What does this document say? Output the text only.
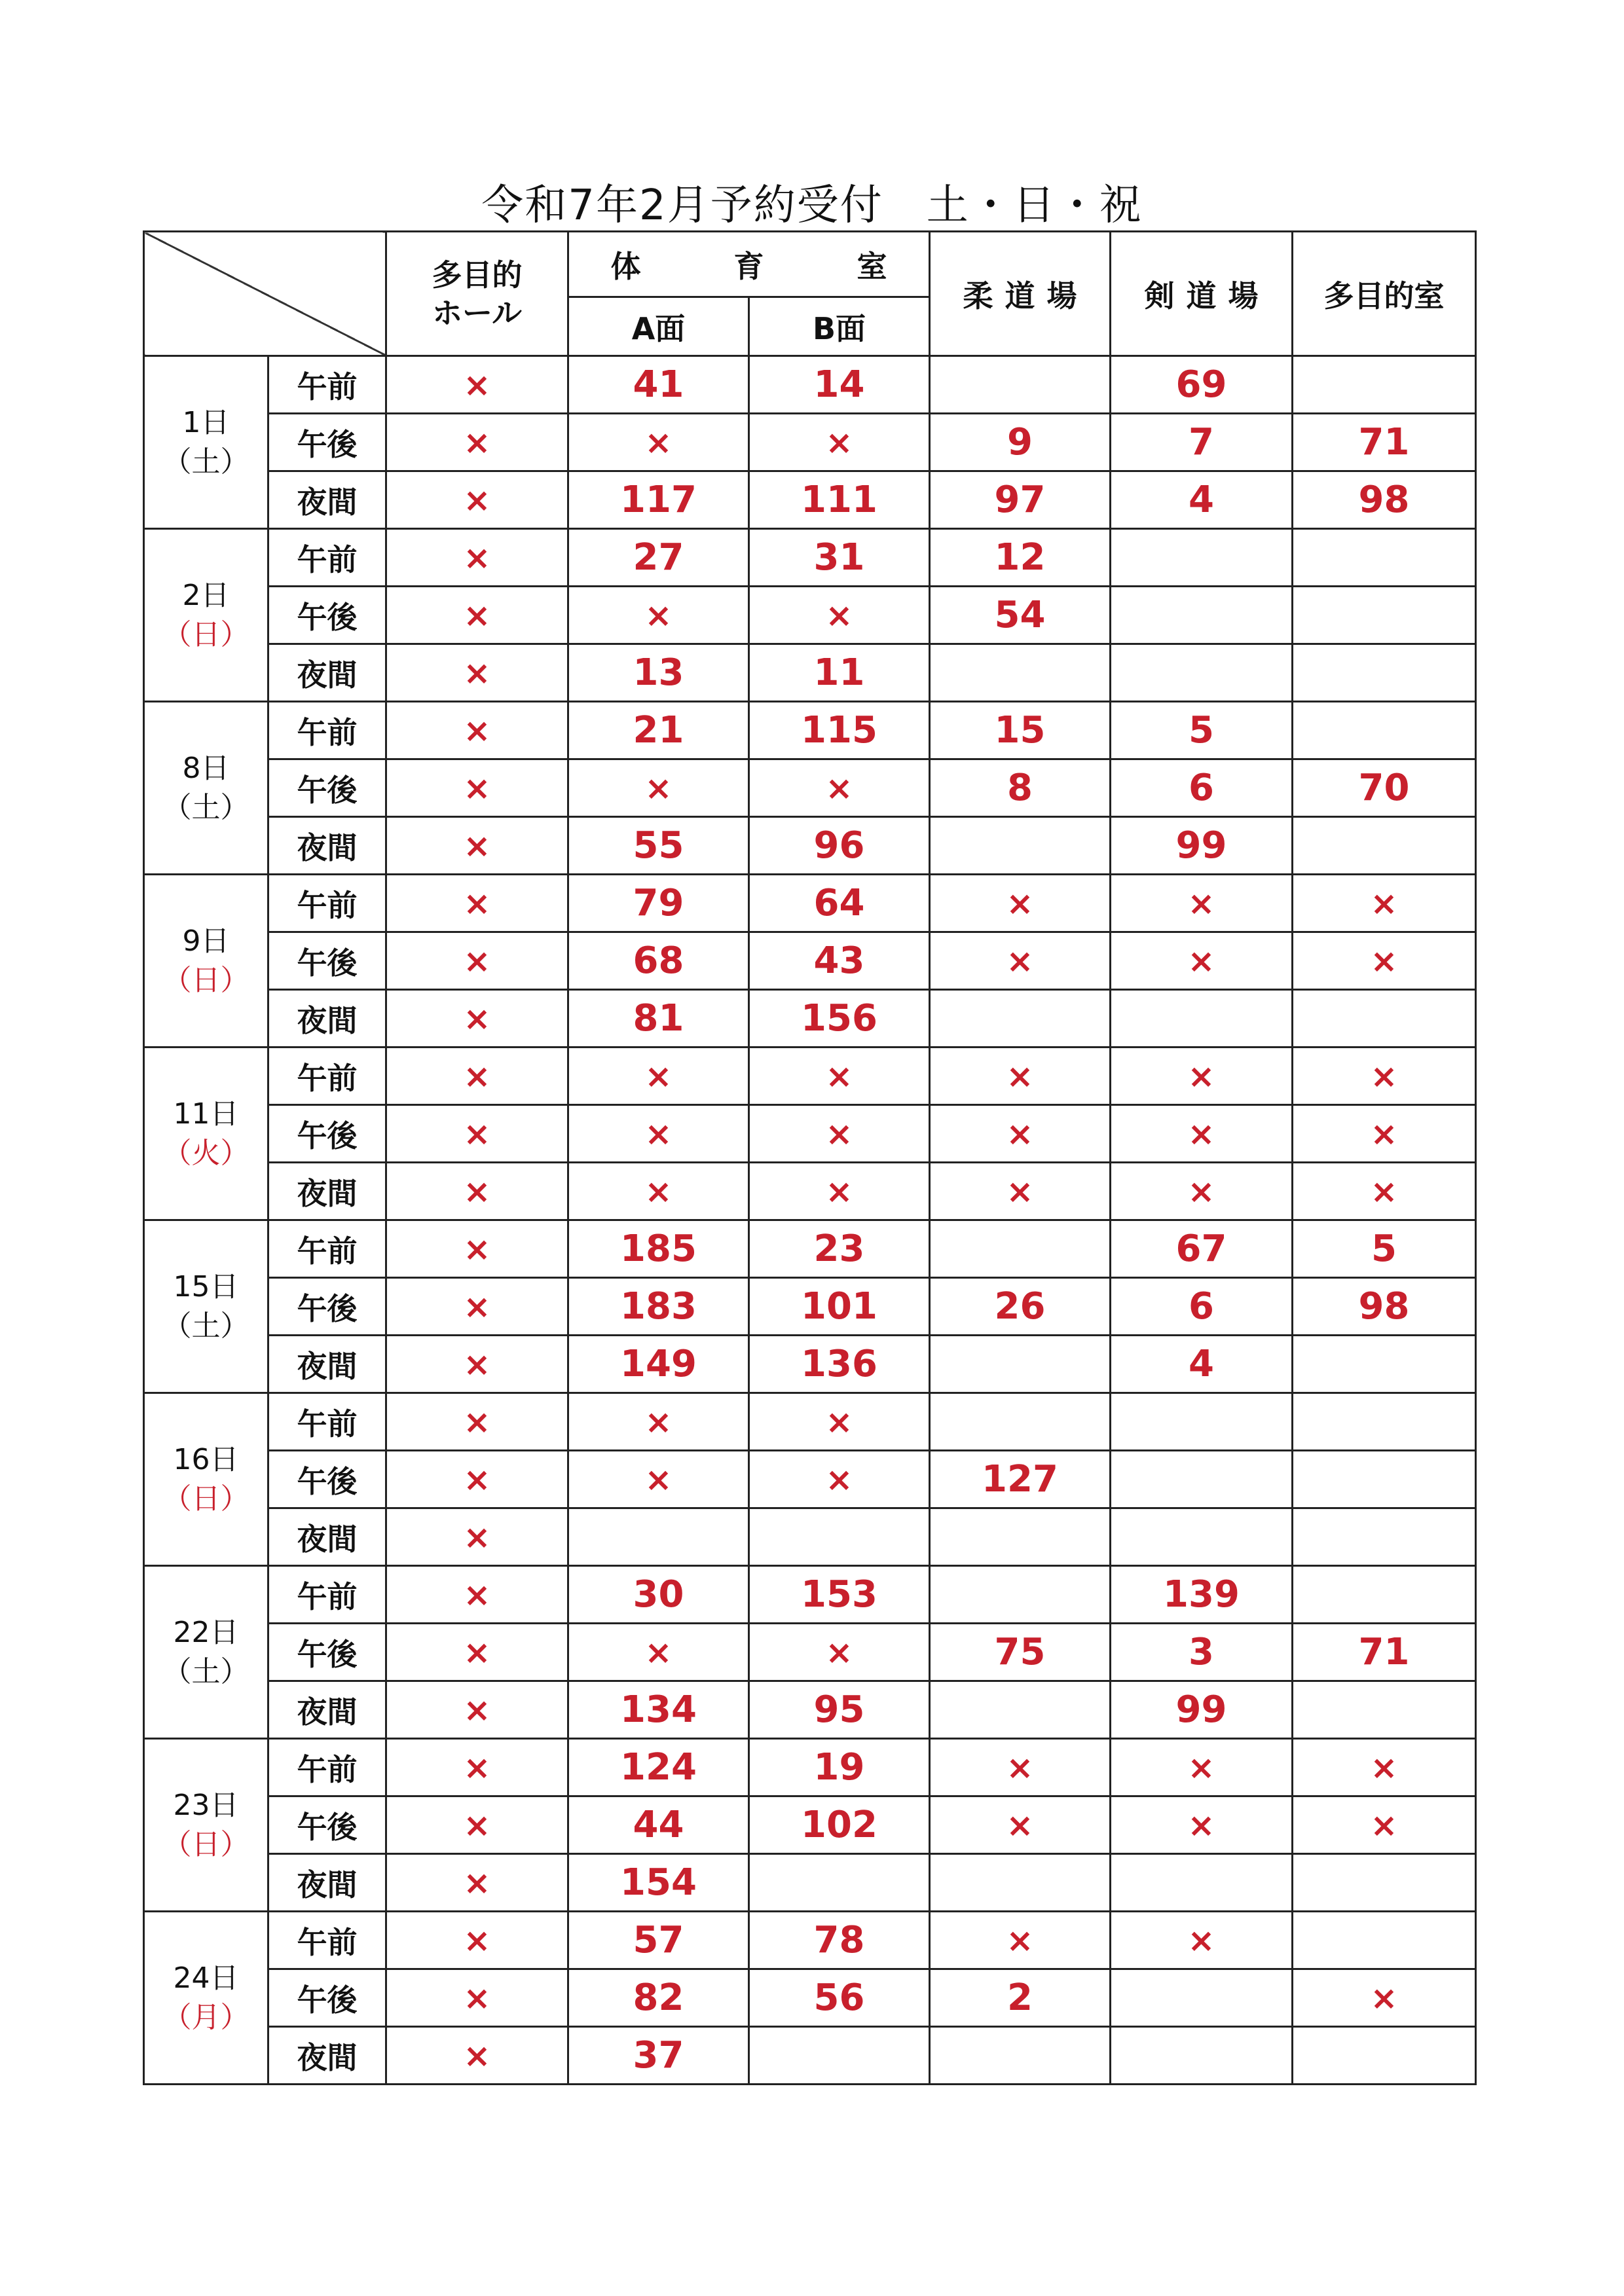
令和7年2月予約受付　土・日・祝
		多目的
ホール	体　育　室		柔道場	剣道場	多目的室
			A面	B面			

1日
（土）	午前	×	41	14		69	
	午後	×	×	×	9	7	71
	夜間	×	117	111	97	4	98

2日
（日）	午前	×	27	31	12		
	午後	×	×	×	54		
	夜間	×	13	11			

8日
（土）	午前	×	21	115	15	5	
	午後	×	×	×	8	6	70
	夜間	×	55	96		99	

9日
（日）	午前	×	79	64	×	×	×
	午後	×	68	43	×	×	×
	夜間	×	81	156			

11日
（火）	午前	×	×	×	×	×	×
	午後	×	×	×	×	×	×
	夜間	×	×	×	×	×	×

15日
（土）	午前	×	185	23		67	5
	午後	×	183	101	26	6	98
	夜間	×	149	136		4	

16日
（日）	午前	×	×	×			
	午後	×	×	×	127		
	夜間	×					

22日
（土）	午前	×	30	153		139	
	午後	×	×	×	75	3	71
	夜間	×	134	95		99	

23日
（日）	午前	×	124	19	×	×	×
	午後	×	44	102	×	×	×
	夜間	×	154				

24日
（月）	午前	×	57	78	×	×	
	午後	×	82	56	2		×
	夜間	×	37				
